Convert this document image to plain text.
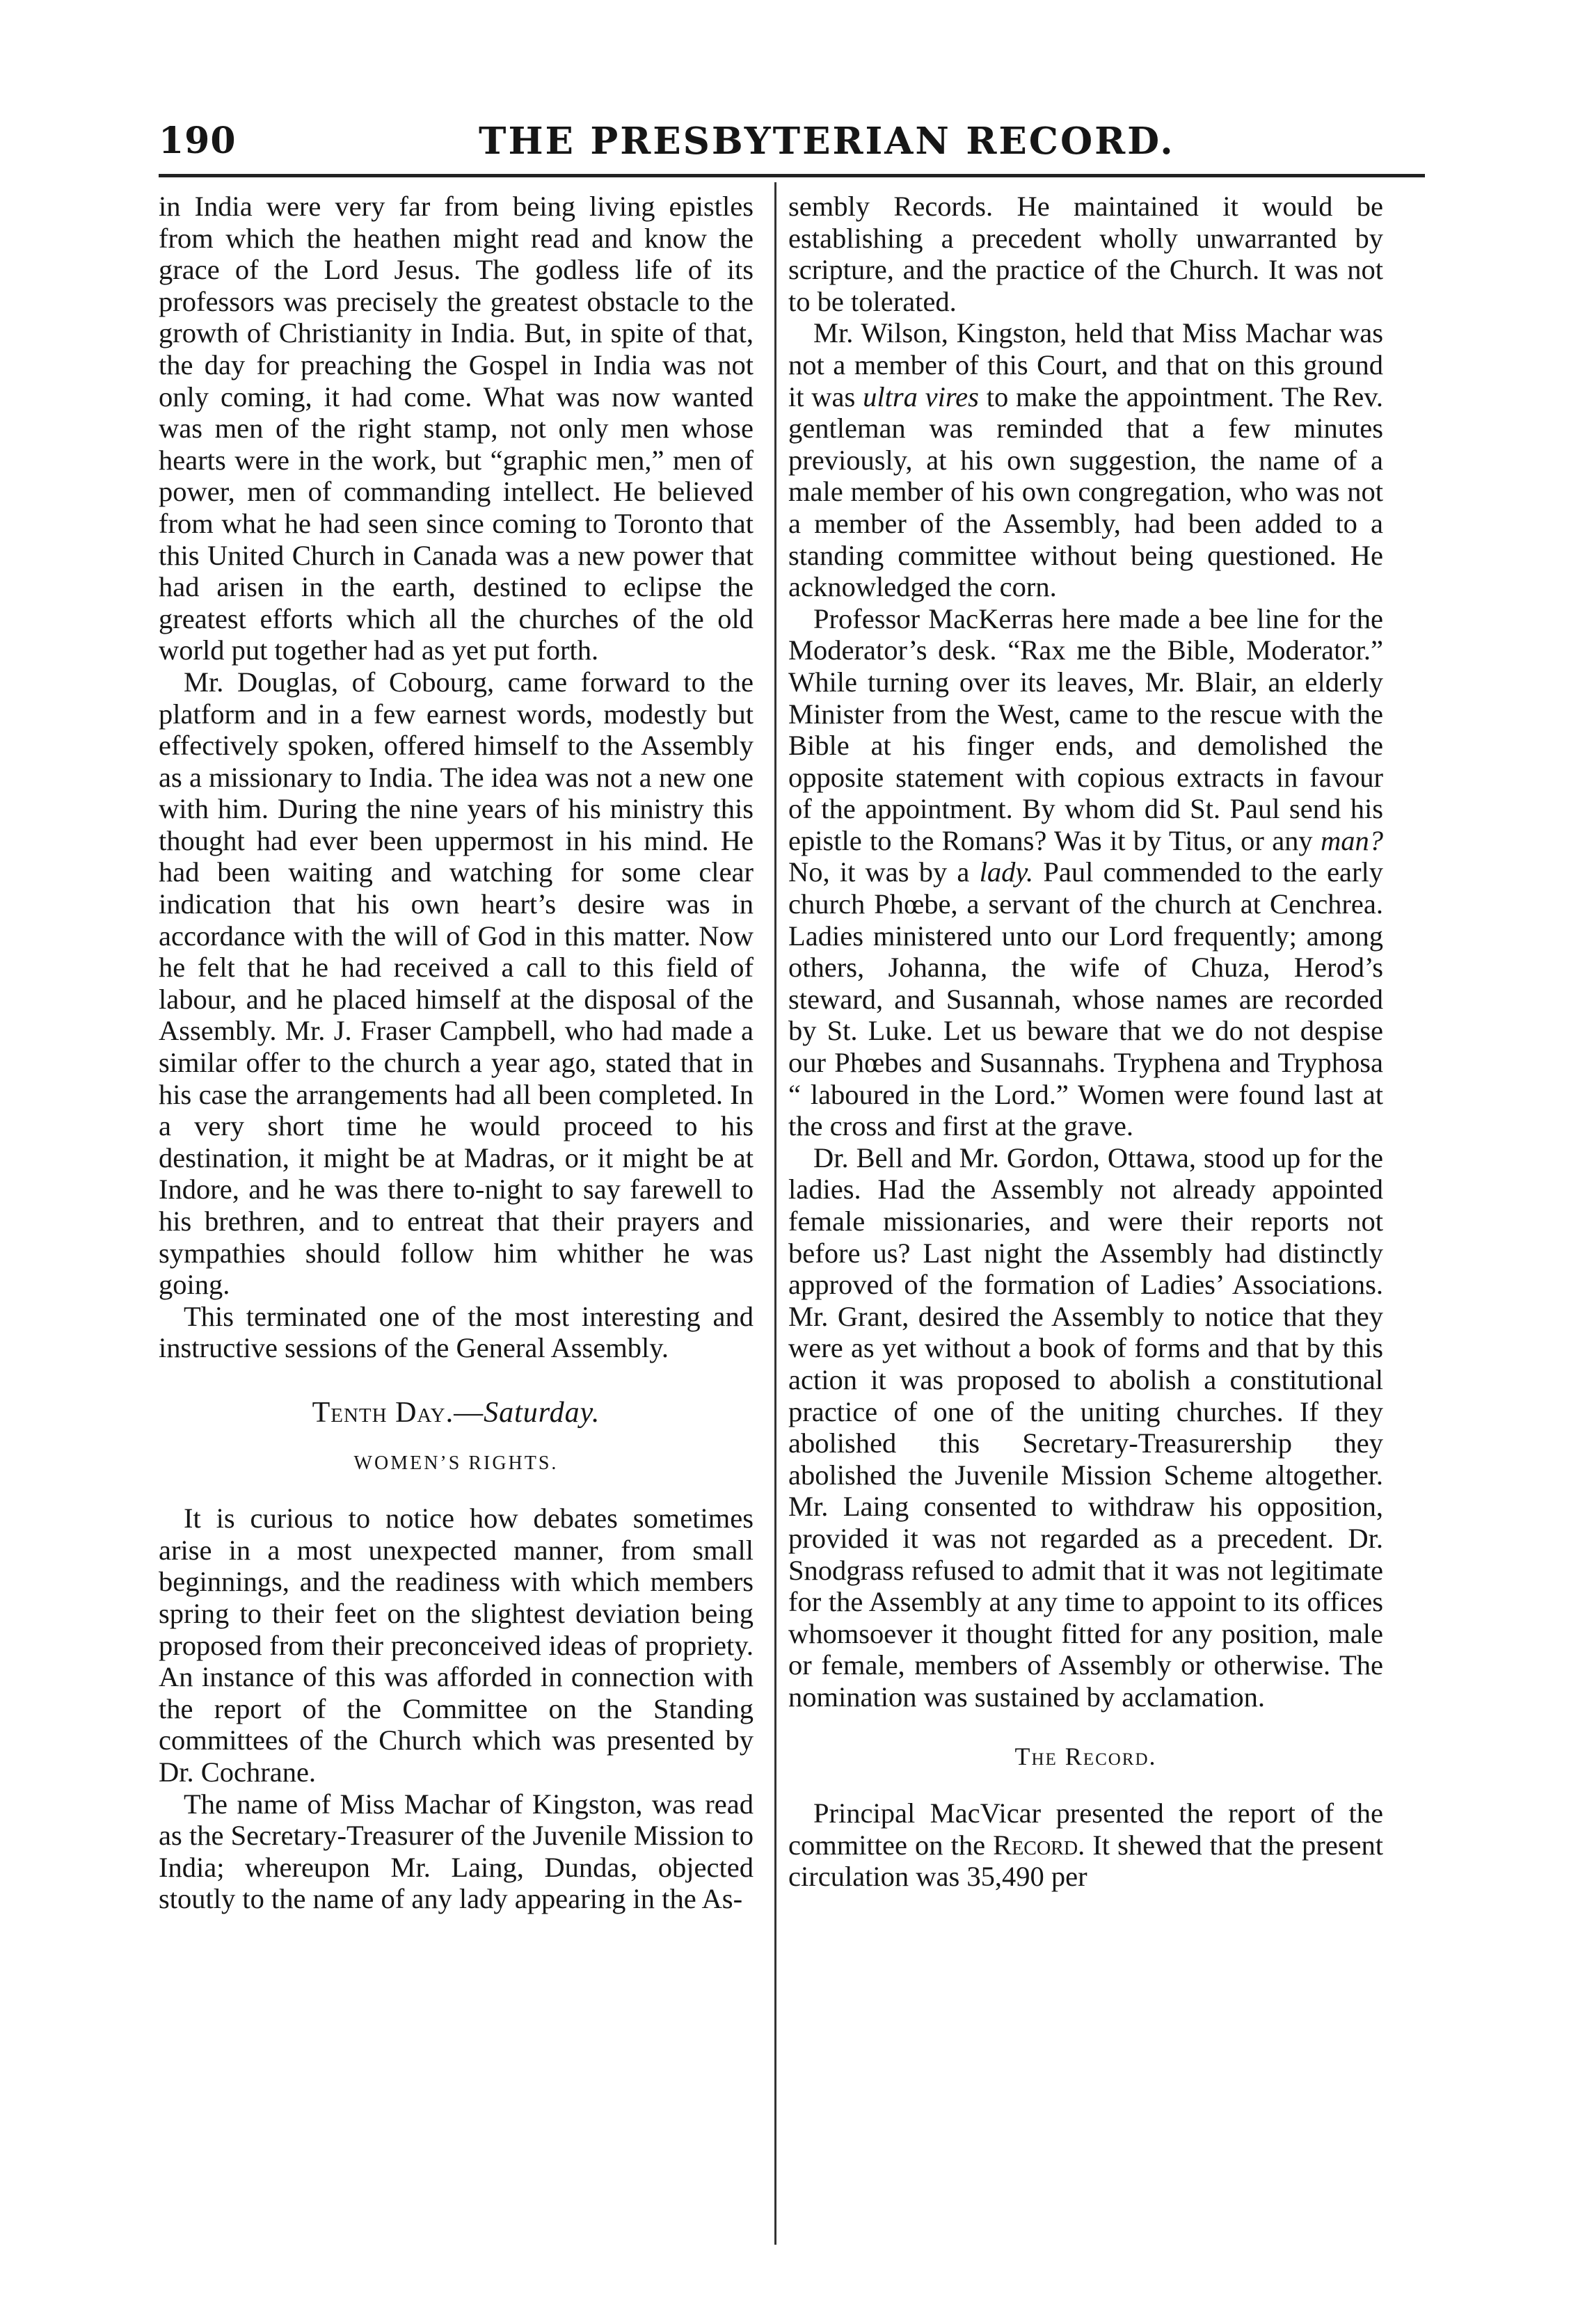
190	THE PRESBYTERIAN RECORD.

in India were very far from being living epistles from which the heathen might read and know the grace of the Lord Jesus. The godless life of its professors was precisely the greatest obstacle to the growth of Christianity in India. But, in spite of that, the day for preaching the Gospel in India was not only coming, it had come. What was now wanted was men of the right stamp, not only men whose hearts were in the work, but “graphic men,” men of power, men of commanding intellect. He believed from what he had seen since coming to Toronto that this United Church in Canada was a new power that had arisen in the earth, destined to eclipse the greatest efforts which all the churches of the old world put together had as yet put forth.

Mr. Douglas, of Cobourg, came forward to the platform and in a few earnest words, modestly but effectively spoken, offered himself to the Assembly as a missionary to India. The idea was not a new one with him. During the nine years of his ministry this thought had ever been uppermost in his mind. He had been waiting and watching for some clear indication that his own heart’s desire was in accordance with the will of God in this matter. Now he felt that he had received a call to this field of labour, and he placed himself at the disposal of the Assembly. Mr. J. Fraser Campbell, who had made a similar offer to the church a year ago, stated that in his case the arrangements had all been completed. In a very short time he would proceed to his destination, it might be at Madras, or it might be at Indore, and he was there to-night to say farewell to his brethren, and to entreat that their prayers and sympathies should follow him whither he was going.

This terminated one of the most interesting and instructive sessions of the General Assembly.

Tenth Day.—Saturday.
WOMEN’S RIGHTS.

It is curious to notice how debates sometimes arise in a most unexpected manner, from small beginnings, and the readiness with which members spring to their feet on the slightest deviation being proposed from their preconceived ideas of propriety. An instance of this was afforded in connection with the report of the Committee on the Standing committees of the Church which was presented by Dr. Cochrane.

The name of Miss Machar of Kingston, was read as the Secretary-Treasurer of the Juvenile Mission to India; whereupon Mr. Laing, Dundas, objected stoutly to the name of any lady appearing in the As-

sembly Records. He maintained it would be establishing a precedent wholly unwarranted by scripture, and the practice of the Church. It was not to be tolerated.

Mr. Wilson, Kingston, held that Miss Machar was not a member of this Court, and that on this ground it was ultra vires to make the appointment. The Rev. gentleman was reminded that a few minutes previously, at his own suggestion, the name of a male member of his own congregation, who was not a member of the Assembly, had been added to a standing committee without being questioned. He acknowledged the corn.

Professor MacKerras here made a bee line for the Moderator’s desk. “Rax me the Bible, Moderator.” While turning over its leaves, Mr. Blair, an elderly Minister from the West, came to the rescue with the Bible at his finger ends, and demolished the opposite statement with copious extracts in favour of the appointment. By whom did St. Paul send his epistle to the Romans? Was it by Titus, or any man? No, it was by a lady. Paul commended to the early church Phœbe, a servant of the church at Cenchrea. Ladies ministered unto our Lord frequently; among others, Johanna, the wife of Chuza, Herod’s steward, and Susannah, whose names are recorded by St. Luke. Let us beware that we do not despise our Phœbes and Susannahs. Tryphena and Tryphosa “ laboured in the Lord.” Women were found last at the cross and first at the grave.

Dr. Bell and Mr. Gordon, Ottawa, stood up for the ladies. Had the Assembly not already appointed female missionaries, and were their reports not before us? Last night the Assembly had distinctly approved of the formation of Ladies’ Associations. Mr. Grant, desired the Assembly to notice that they were as yet without a book of forms and that by this action it was proposed to abolish a constitutional practice of one of the uniting churches. If they abolished this Secretary-Treasurership they abolished the Juvenile Mission Scheme altogether. Mr. Laing consented to withdraw his opposition, provided it was not regarded as a precedent. Dr. Snodgrass refused to admit that it was not legitimate for the Assembly at any time to appoint to its offices whomsoever it thought fitted for any position, male or female, members of Assembly or otherwise. The nomination was sustained by acclamation.

The Record.

Principal MacVicar presented the report of the committee on the Record. It shewed that the present circulation was 35,490 per
